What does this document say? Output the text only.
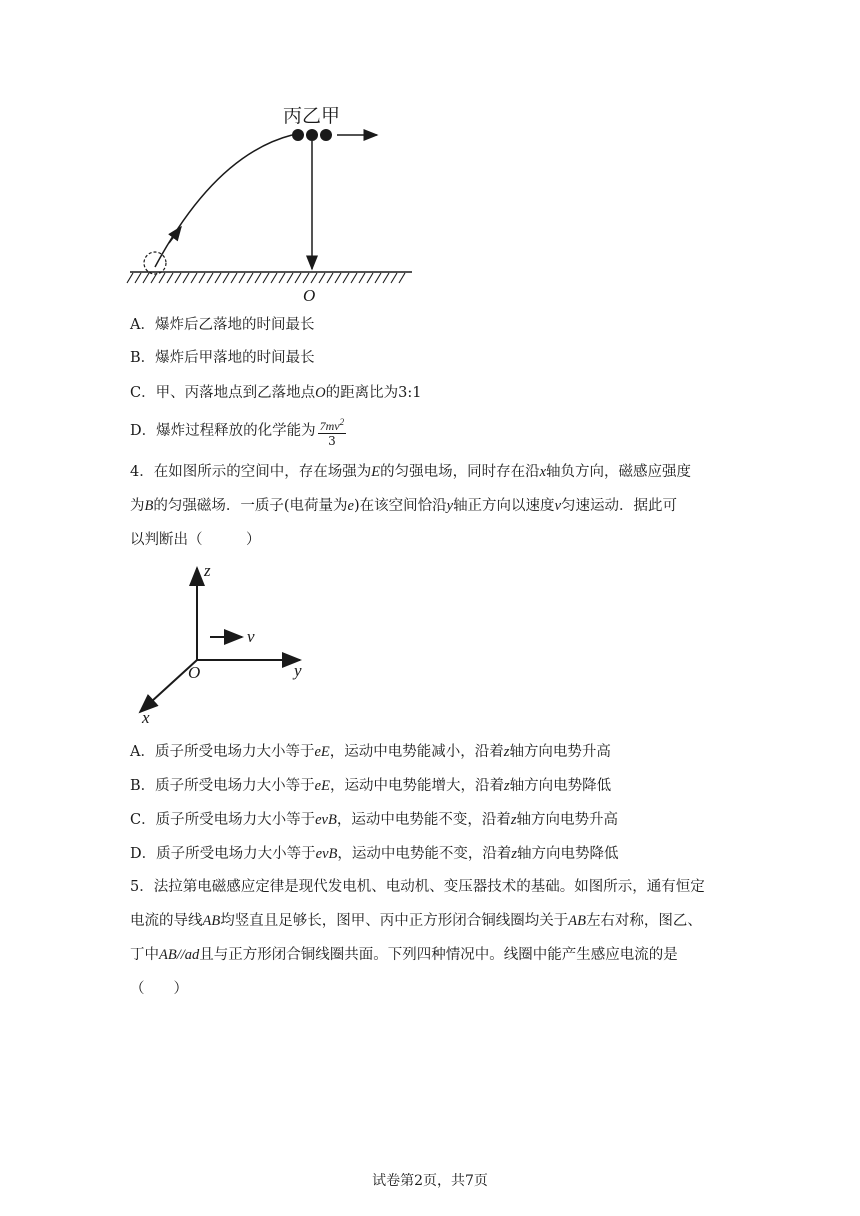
丙乙甲
O
A．爆炸后乙落地的时间最长
B．爆炸后甲落地的时间最长
C．甲、丙落地点到乙落地点O的距离比为3:1
D．爆炸过程释放的化学能为 $\frac{7mv^2}{3}$

4．在如图所示的空间中，存在场强为E的匀强电场，同时存在沿x轴负方向，磁感应强度

为B的匀强磁场．一质子(电荷量为e)在该空间恰沿y轴正方向以速度v匀速运动．据此可

以判断出（　　　）

z
y
x
v
O
A．质子所受电场力大小等于eE，运动中电势能减小，沿着z轴方向电势升高
B．质子所受电场力大小等于eE，运动中电势能增大，沿着z轴方向电势降低
C．质子所受电场力大小等于evB，运动中电势能不变，沿着z轴方向电势升高
D．质子所受电场力大小等于evB，运动中电势能不变，沿着z轴方向电势降低

5．法拉第电磁感应定律是现代发电机、电动机、变压器技术的基础。如图所示，通有恒定

电流的导线AB均竖直且足够长，图甲、丙中正方形闭合铜线圈均关于AB左右对称，图乙、

丁中AB//ad且与正方形闭合铜线圈共面。下列四种情况中。线圈中能产生感应电流的是

（　　）

试卷第2页，共7页
